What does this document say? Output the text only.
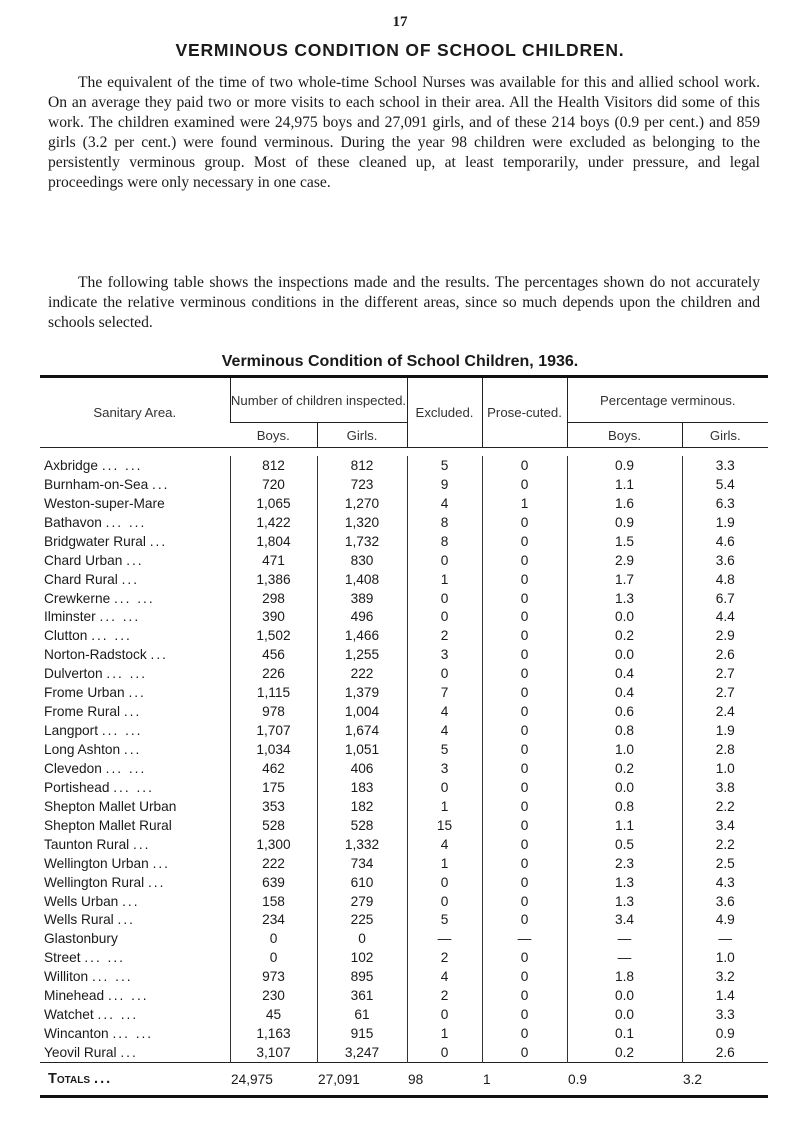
17
VERMINOUS CONDITION OF SCHOOL CHILDREN.

The equivalent of the time of two whole-time School Nurses was available for this and allied school work. On an average they paid two or more visits to each school in their area. All the Health Visitors did some of this work. The children examined were 24,975 boys and 27,091 girls, and of these 214 boys (0.9 per cent.) and 859 girls (3.2 per cent.) were found verminous. During the year 98 children were excluded as belonging to the persistently verminous group. Most of these cleaned up, at least temporarily, under pressure, and legal proceedings were only necessary in one case.

The following table shows the inspections made and the results. The percentages shown do not accurately indicate the relative verminous conditions in the different areas, since so much depends upon the children and schools selected.

Verminous Condition of School Children, 1936.
Sanitary Area.	Number of children inspected.		Excluded.	Prose-cuted.	Percentage verminous.	
	Boys.	Girls.			Boys.	Girls.

Axbridge ... ...	812	812	5	0	0.9	3.3
Burnham-on-Sea ...	720	723	9	0	1.1	5.4
Weston-super-Mare	1,065	1,270	4	1	1.6	6.3
Bathavon ... ...	1,422	1,320	8	0	0.9	1.9
Bridgwater Rural ...	1,804	1,732	8	0	1.5	4.6
Chard Urban ...	471	830	0	0	2.9	3.6
Chard Rural ...	1,386	1,408	1	0	1.7	4.8
Crewkerne ... ...	298	389	0	0	1.3	6.7
Ilminster ... ...	390	496	0	0	0.0	4.4
Clutton ... ...	1,502	1,466	2	0	0.2	2.9
Norton-Radstock ...	456	1,255	3	0	0.0	2.6
Dulverton ... ...	226	222	0	0	0.4	2.7
Frome Urban ...	1,115	1,379	7	0	0.4	2.7
Frome Rural ...	978	1,004	4	0	0.6	2.4
Langport ... ...	1,707	1,674	4	0	0.8	1.9
Long Ashton ...	1,034	1,051	5	0	1.0	2.8
Clevedon ... ...	462	406	3	0	0.2	1.0
Portishead ... ...	175	183	0	0	0.0	3.8
Shepton Mallet Urban	353	182	1	0	0.8	2.2
Shepton Mallet Rural	528	528	15	0	1.1	3.4
Taunton Rural ...	1,300	1,332	4	0	0.5	2.2
Wellington Urban ...	222	734	1	0	2.3	2.5
Wellington Rural ...	639	610	0	0	1.3	4.3
Wells Urban ...	158	279	0	0	1.3	3.6
Wells Rural ...	234	225	5	0	3.4	4.9
Glastonbury	0	0	—	—	—	—
Street ... ...	0	102	2	0	—	1.0
Williton ... ...	973	895	4	0	1.8	3.2
Minehead ... ...	230	361	2	0	0.0	1.4
Watchet ... ...	45	61	0	0	0.0	3.3
Wincanton ... ...	1,163	915	1	0	0.1	0.9
Yeovil Rural ...	3,107	3,247	0	0	0.2	2.6
Totals ...	24,975	27,091	98	1	0.9	3.2
